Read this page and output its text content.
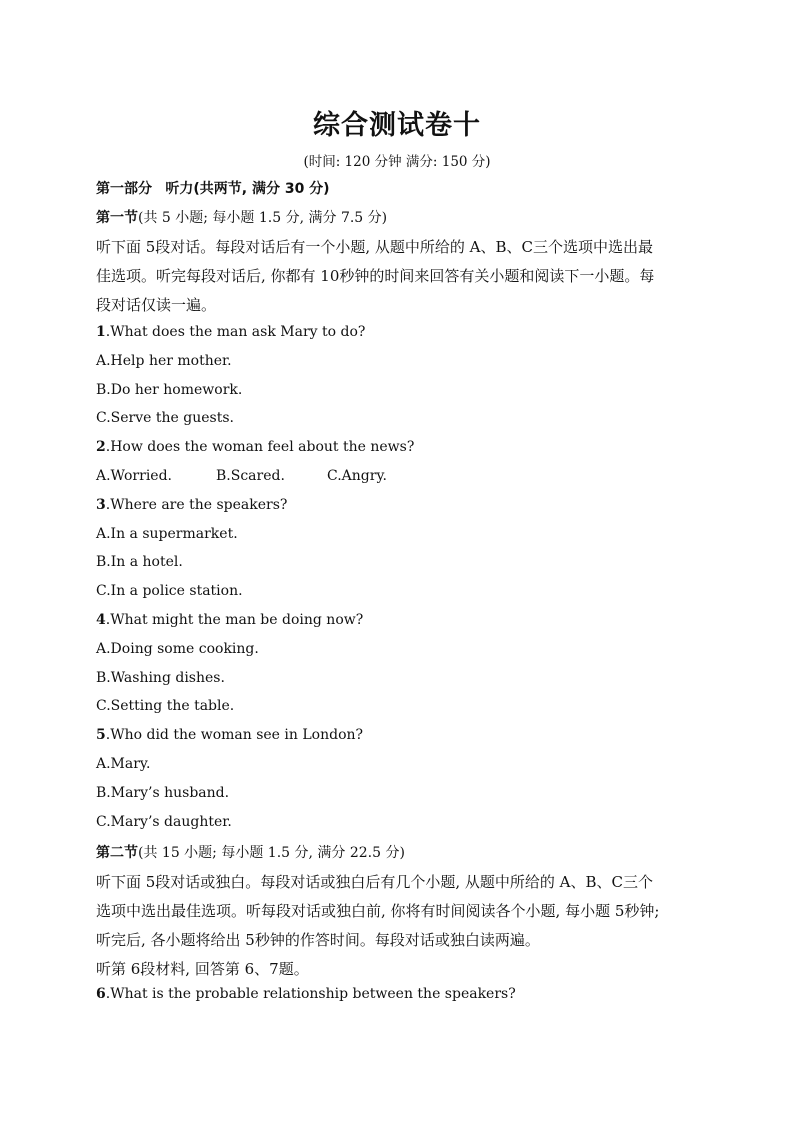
综合测试卷十
(时间: 120 分钟 满分: 150 分)
第一部分 听力(共两节, 满分 30 分)
第一节(共 5 小题; 每小题 1.5 分, 满分 7.5 分)
听下面 5段对话。每段对话后有一个小题, 从题中所给的 A、B、C三个选项中选出最
佳选项。听完每段对话后, 你都有 10秒钟的时间来回答有关小题和阅读下一小题。每
段对话仅读一遍。
1.What does the man ask Mary to do?
A.Help her mother.
B.Do her homework.
C.Serve the guests.
2.How does the woman feel about the news?
A.Worried.	B.Scared.	C.Angry.
3.Where are the speakers?
A.In a supermarket.
B.In a hotel.
C.In a police station.
4.What might the man be doing now?
A.Doing some cooking.
B.Washing dishes.
C.Setting the table.
5.Who did the woman see in London?
A.Mary.
B.Mary’s husband.
C.Mary’s daughter.
第二节(共 15 小题; 每小题 1.5 分, 满分 22.5 分)
听下面 5段对话或独白。每段对话或独白后有几个小题, 从题中所给的 A、B、C三个
选项中选出最佳选项。听每段对话或独白前, 你将有时间阅读各个小题, 每小题 5秒钟;
听完后, 各小题将给出 5秒钟的作答时间。每段对话或独白读两遍。
听第 6段材料, 回答第 6、7题。
6.What is the probable relationship between the speakers?
